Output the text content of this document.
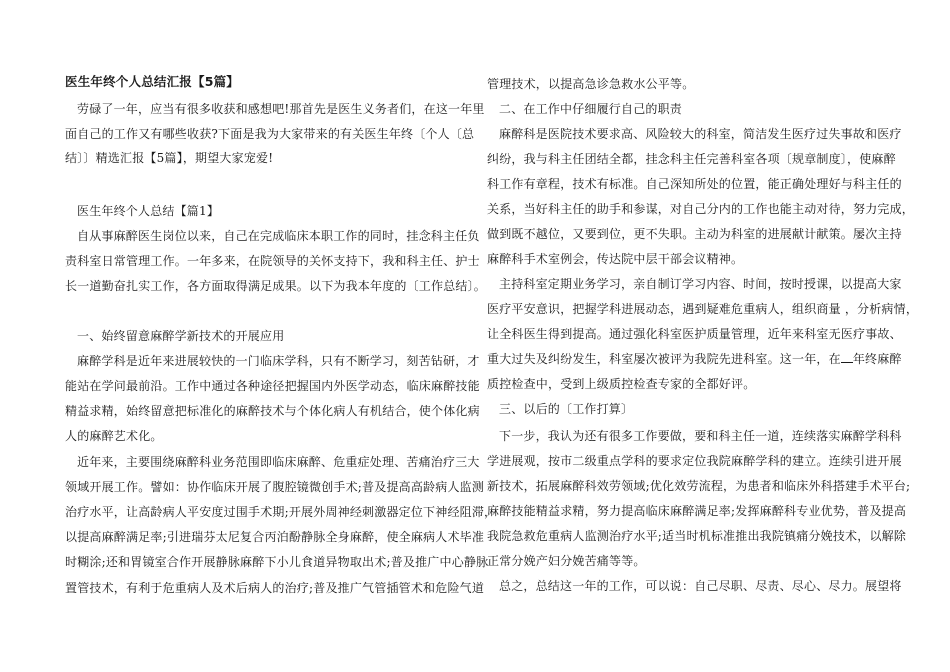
医生年终个人总结汇报【5篇】
劳碌了一年，应当有很多收获和感想吧!那首先是医生义务者们，在这一年里
面自己的工作又有哪些收获?下面是我为大家带来的有关医生年终〔个人〔总
结〕〕精选汇报【5篇】，期望大家宠爱!
医生年终个人总结【篇1】
自从事麻醉医生岗位以来，自己在完成临床本职工作的同时，挂念科主任负
责科室日常管理工作。一年多来，在院领导的关怀支持下，我和科主任、护士
长一道勤奋扎实工作，各方面取得满足成果。以下为我本年度的〔工作总结〕。
一、始终留意麻醉学新技术的开展应用
麻醉学科是近年来进展较快的一门临床学科，只有不断学习，刻苦钻研，才
能站在学问最前沿。工作中通过各种途径把握国内外医学动态，临床麻醉技能
精益求精，始终留意把标准化的麻醉技术与个体化病人有机结合，使个体化病
人的麻醉艺术化。
近年来，主要围绕麻醉科业务范围即临床麻醉、危重症处理、苦痛治疗三大
领域开展工作。譬如：协作临床开展了腹腔镜微创手术;普及提高高龄病人监测
治疗水平，让高龄病人平安度过围手术期;开展外周神经刺激器定位下神经阻滞，
以提高麻醉满足率;引进瑞芬太尼复合丙泊酚静脉全身麻醉，使全麻病人术毕准
时糊涂;还和胃镜室合作开展静脉麻醉下小儿食道异物取出术;普及推广中心静脉
置管技术，有利于危重病人及术后病人的治疗;普及推广气管插管术和危险气道
管理技术，以提高急诊急救水公平等。
二、在工作中仔细履行自己的职责
麻醉科是医院技术要求高、风险较大的科室，简洁发生医疗过失事故和医疗
纠纷，我与科主任团结全都，挂念科主任完善科室各项〔规章制度〕，使麻醉
科工作有章程，技术有标准。自己深知所处的位置，能正确处理好与科主任的
关系，当好科主任的助手和参谋，对自己分内的工作也能主动对待，努力完成，
做到既不越位，又要到位，更不失职。主动为科室的进展献计献策。屡次主持
麻醉科手术室例会，传达院中层干部会议精神。
主持科室定期业务学习，亲自制订学习内容、时间，按时授课，以提高大家
医疗平安意识，把握学科进展动态，遇到疑难危重病人，组织商量 ，分析病情，
让全科医生得到提高。通过强化科室医护质量管理，近年来科室无医疗事故、
重大过失及纠纷发生，科室屡次被评为我院先进科室。这一年，在 年终麻醉
质控检查中，受到上级质控检查专家的全都好评。
三、以后的〔工作打算〕
下一步，我认为还有很多工作要做，要和科主任一道，连续落实麻醉学科科
学进展观，按市二级重点学科的要求定位我院麻醉学科的建立。连续引进开展
新技术，拓展麻醉科效劳领域;优化效劳流程，为患者和临床外科搭建手术平台;
麻醉技能精益求精，努力提高临床麻醉满足率;发挥麻醉科专业优势，普及提高
我院急救危重病人监测治疗水平;适当时机标准推出我院镇痛分娩技术，以解除
正常分娩产妇分娩苦痛等等。
总之，总结这一年的工作，可以说：自己尽职、尽责、尽心、尽力。展望将
